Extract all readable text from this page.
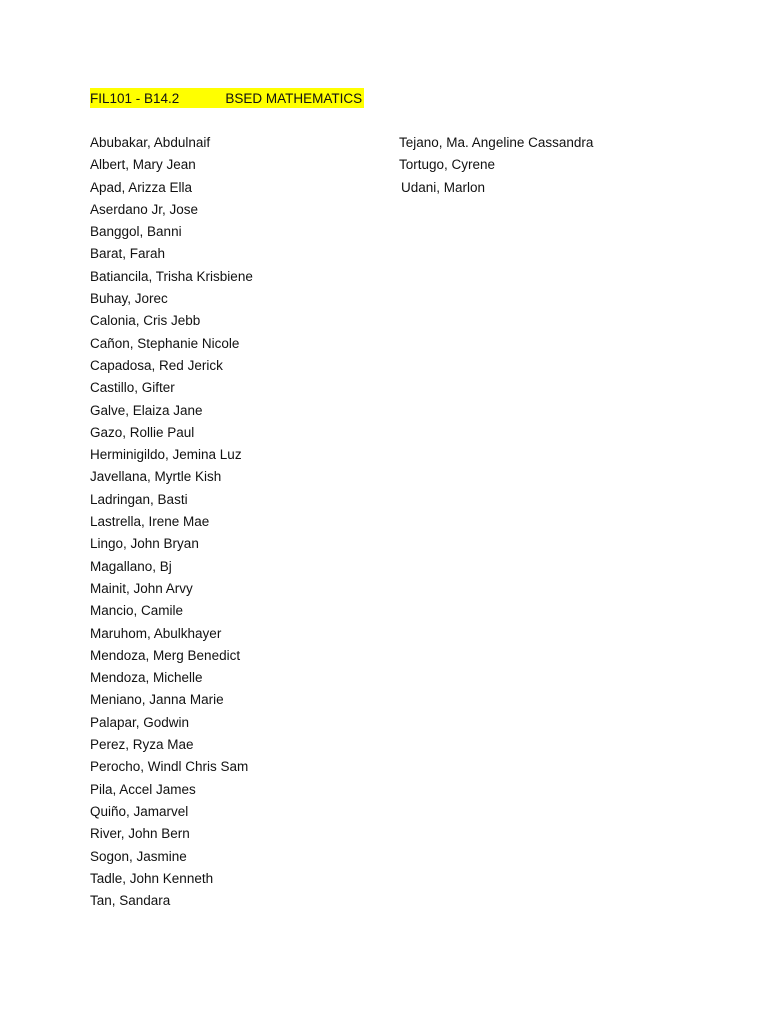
FIL101 - B14.2	BSED MATHEMATICS
Abubakar, Abdulnaif
Albert, Mary Jean
Apad, Arizza Ella
Aserdano Jr, Jose
Banggol, Banni
Barat, Farah
Batiancila, Trisha Krisbiene
Buhay, Jorec
Calonia, Cris Jebb
Cañon, Stephanie Nicole
Capadosa, Red Jerick
Castillo, Gifter
Galve, Elaiza Jane
Gazo, Rollie Paul
Herminigildo, Jemina Luz
Javellana, Myrtle Kish
Ladringan, Basti
Lastrella, Irene Mae
Lingo, John Bryan
Magallano, Bj
Mainit, John Arvy
Mancio, Camile
Maruhom, Abulkhayer
Mendoza, Merg Benedict
Mendoza, Michelle
Meniano, Janna Marie
Palapar, Godwin
Perez, Ryza Mae
Perocho, Windl Chris Sam
Pila, Accel James
Quiño, Jamarvel
River, John Bern
Sogon, Jasmine
Tadle, John Kenneth
Tan, Sandara
Tejano, Ma. Angeline Cassandra
Tortugo, Cyrene
Udani, Marlon
